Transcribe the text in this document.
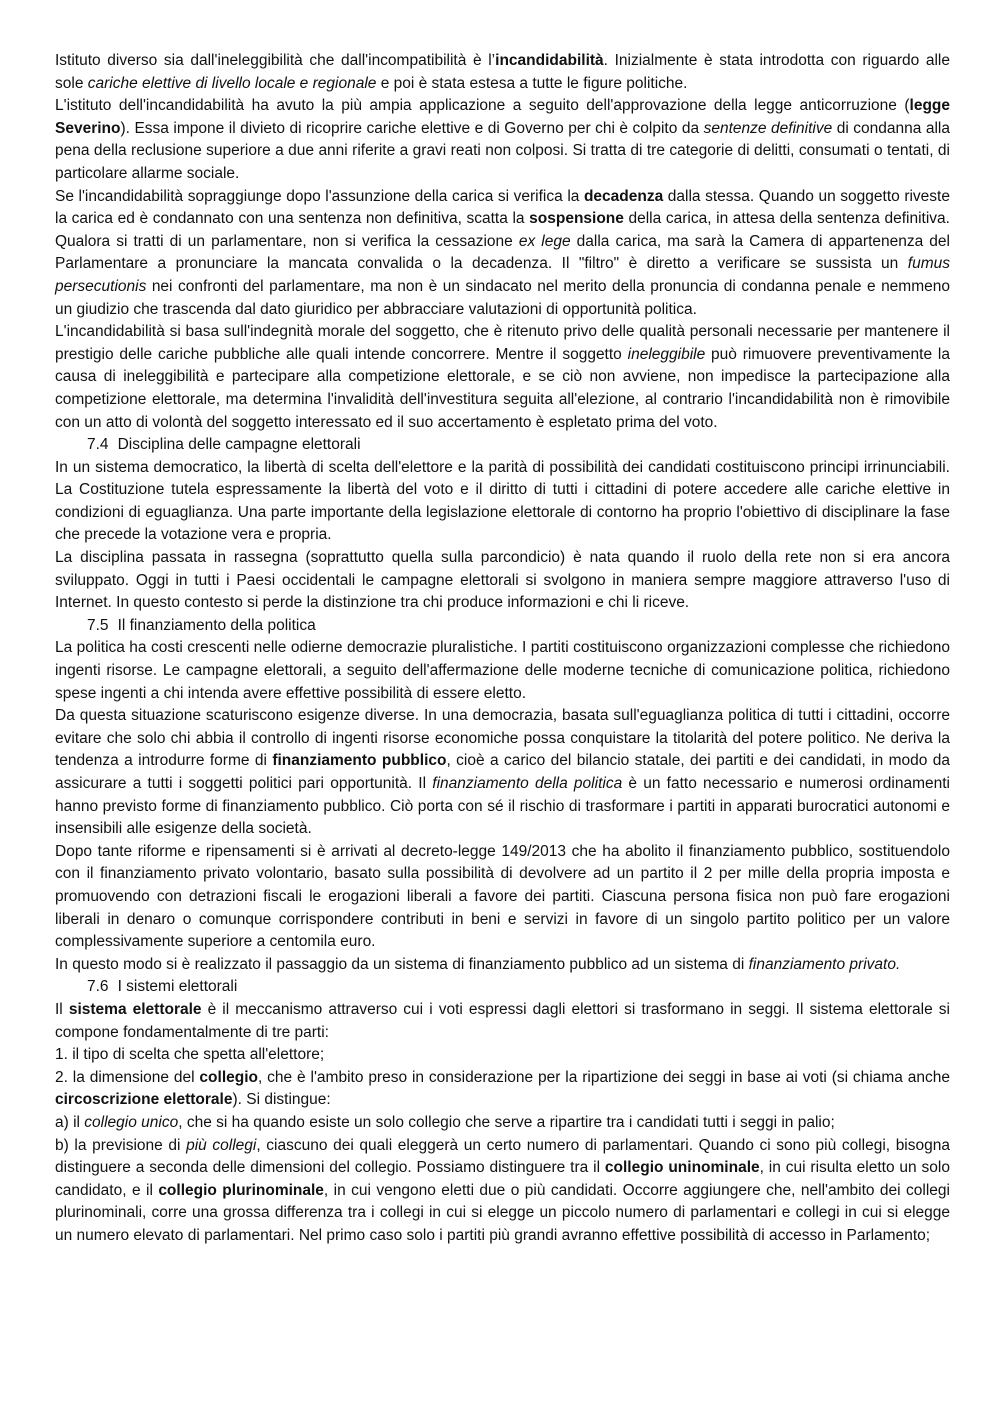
Istituto diverso sia dall'ineleggibilità che dall'incompatibilità è l’incandidabilità. Inizialmente è stata introdotta con riguardo alle sole cariche elettive di livello locale e regionale e poi è stata estesa a tutte le figure politiche.

L'istituto dell'incandidabilità ha avuto la più ampia applicazione a seguito dell'approvazione della legge anticorruzione (legge Severino). Essa impone il divieto di ricoprire cariche elettive e di Governo per chi è colpito da sentenze definitive di condanna alla pena della reclusione superiore a due anni riferite a gravi reati non colposi. Si tratta di tre categorie di delitti, consumati o tentati, di particolare allarme sociale.

Se l'incandidabilità sopraggiunge dopo l'assunzione della carica si verifica la decadenza dalla stessa. Quando un soggetto riveste la carica ed è condannato con una sentenza non definitiva, scatta la sospensione della carica, in attesa della sentenza definitiva. Qualora si tratti di un parlamentare, non si verifica la cessazione ex lege dalla carica, ma sarà la Camera di appartenenza del Parlamentare a pronunciare la mancata convalida o la decadenza. Il "filtro" è diretto a verificare se sussista un fumus persecutionis nei confronti del parlamentare, ma non è un sindacato nel merito della pronuncia di condanna penale e nemmeno un giudizio che trascenda dal dato giuridico per abbracciare valutazioni di opportunità politica.

L'incandidabilità si basa sull'indegnità morale del soggetto, che è ritenuto privo delle qualità personali necessarie per mantenere il prestigio delle cariche pubbliche alle quali intende concorrere. Mentre il soggetto ineleggibile può rimuovere preventivamente la causa di ineleggibilità e partecipare alla competizione elettorale, e se ciò non avviene, non impedisce la partecipazione alla competizione elettorale, ma determina l'invalidità dell'investitura seguita all'elezione, al contrario l'incandidabilità non è rimovibile con un atto di volontà del soggetto interessato ed il suo accertamento è espletato prima del voto.

7.4 Disciplina delle campagne elettorali

In un sistema democratico, la libertà di scelta dell'elettore e la parità di possibilità dei candidati costituiscono principi irrinunciabili. La Costituzione tutela espressamente la libertà del voto e il diritto di tutti i cittadini di potere accedere alle cariche elettive in condizioni di eguaglianza. Una parte importante della legislazione elettorale di contorno ha proprio l'obiettivo di disciplinare la fase che precede la votazione vera e propria.

La disciplina passata in rassegna (soprattutto quella sulla parcondicio) è nata quando il ruolo della rete non si era ancora sviluppato. Oggi in tutti i Paesi occidentali le campagne elettorali si svolgono in maniera sempre maggiore attraverso l'uso di Internet. In questo contesto si perde la distinzione tra chi produce informazioni e chi li riceve.

7.5 Il finanziamento della politica

La politica ha costi crescenti nelle odierne democrazie pluralistiche. I partiti costituiscono organizzazioni complesse che richiedono ingenti risorse. Le campagne elettorali, a seguito dell'affermazione delle moderne tecniche di comunicazione politica, richiedono spese ingenti a chi intenda avere effettive possibilità di essere eletto.

Da questa situazione scaturiscono esigenze diverse. In una democrazia, basata sull'eguaglianza politica di tutti i cittadini, occorre evitare che solo chi abbia il controllo di ingenti risorse economiche possa conquistare la titolarità del potere politico. Ne deriva la tendenza a introdurre forme di finanziamento pubblico, cioè a carico del bilancio statale, dei partiti e dei candidati, in modo da assicurare a tutti i soggetti politici pari opportunità. Il finanziamento della politica è un fatto necessario e numerosi ordinamenti hanno previsto forme di finanziamento pubblico. Ciò porta con sé il rischio di trasformare i partiti in apparati burocratici autonomi e insensibili alle esigenze della società.

Dopo tante riforme e ripensamenti si è arrivati al decreto-legge 149/2013 che ha abolito il finanziamento pubblico, sostituendolo con il finanziamento privato volontario, basato sulla possibilità di devolvere ad un partito il 2 per mille della propria imposta e promuovendo con detrazioni fiscali le erogazioni liberali a favore dei partiti. Ciascuna persona fisica non può fare erogazioni liberali in denaro o comunque corrispondere contributi in beni e servizi in favore di un singolo partito politico per un valore complessivamente superiore a centomila euro.

In questo modo si è realizzato il passaggio da un sistema di finanziamento pubblico ad un sistema di finanziamento privato.

7.6 I sistemi elettorali

Il sistema elettorale è il meccanismo attraverso cui i voti espressi dagli elettori si trasformano in seggi. Il sistema elettorale si compone fondamentalmente di tre parti:

1. il tipo di scelta che spetta all'elettore;

2. la dimensione del collegio, che è l'ambito preso in considerazione per la ripartizione dei seggi in base ai voti (si chiama anche circoscrizione elettorale). Si distingue:

a) il collegio unico, che si ha quando esiste un solo collegio che serve a ripartire tra i candidati tutti i seggi in palio;

b) la previsione di più collegi, ciascuno dei quali eleggerà un certo numero di parlamentari. Quando ci sono più collegi, bisogna distinguere a seconda delle dimensioni del collegio. Possiamo distinguere tra il collegio uninominale, in cui risulta eletto un solo candidato, e il collegio plurinominale, in cui vengono eletti due o più candidati. Occorre aggiungere che, nell'ambito dei collegi plurinominali, corre una grossa differenza tra i collegi in cui si elegge un piccolo numero di parlamentari e collegi in cui si elegge un numero elevato di parlamentari. Nel primo caso solo i partiti più grandi avranno effettive possibilità di accesso in Parlamento;
